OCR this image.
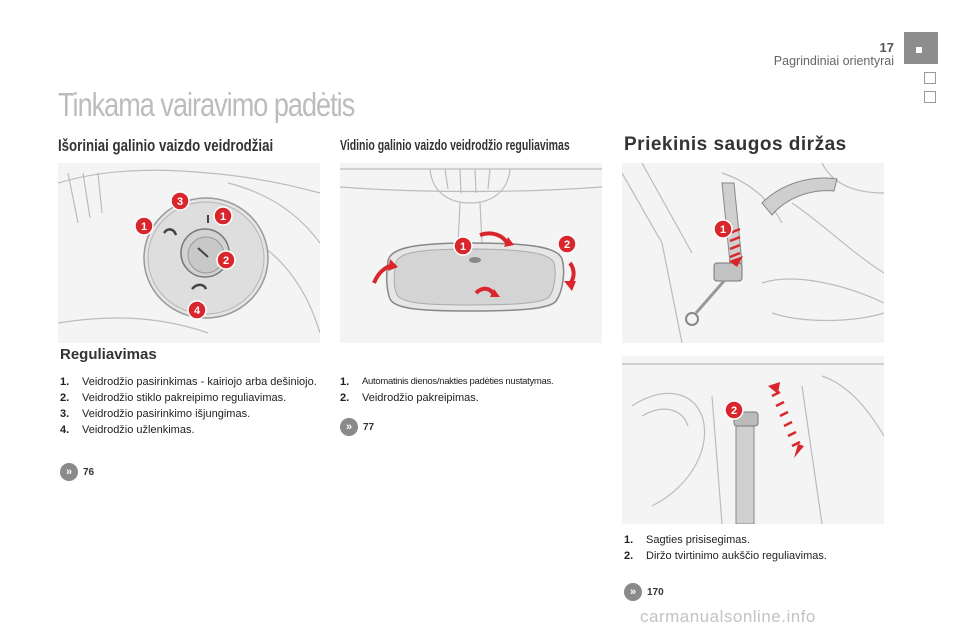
17
Pagrindiniai orientyrai
Tinkama vairavimo padėtis
Išoriniai galinio vaizdo veidrodžiai	Vidinio galinio vaizdo veidrodžio reguliavimas	Priekinis saugos diržas
1
1
2
3
4
1	2
1
2
Reguliavimas
1.	Veidrodžio pasirinkimas - kairiojo arba dešiniojo.
2.	Veidrodžio stiklo pakreipimo reguliavimas.
3.	Veidrodžio pasirinkimo išjungimas.
4.	Veidrodžio užlenkimas.
»	76
1.	Automatinis dienos/nakties padėties nustatymas.
2.	Veidrodžio pakreipimas.
»	77
1.	Sagties prisisegimas.
2.	Diržo tvirtinimo aukščio reguliavimas.
»	170
carmanualsonline.info
